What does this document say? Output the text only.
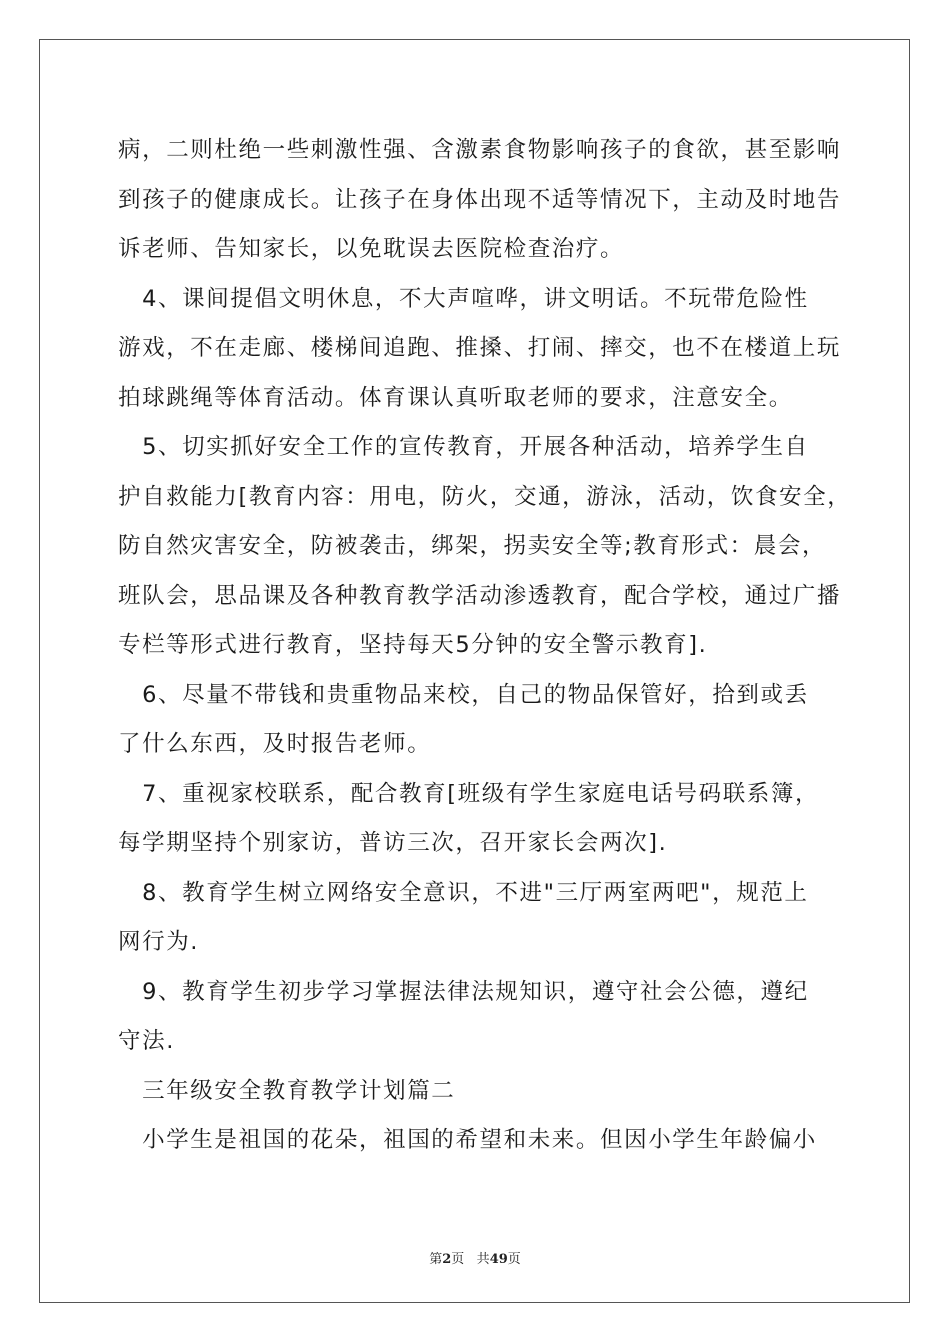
病，二则杜绝一些刺激性强、含激素食物影响孩子的食欲，甚至影响
到孩子的健康成长。让孩子在身体出现不适等情况下，主动及时地告
诉老师、告知家长，以免耽误去医院检查治疗。
　4、课间提倡文明休息，不大声喧哗，讲文明话。不玩带危险性
游戏，不在走廊、楼梯间追跑、推搡、打闹、摔交，也不在楼道上玩
拍球跳绳等体育活动。体育课认真听取老师的要求，注意安全。
　5、切实抓好安全工作的宣传教育，开展各种活动，培养学生自
护自救能力[教育内容：用电，防火，交通，游泳，活动，饮食安全，
防自然灾害安全，防被袭击，绑架，拐卖安全等;教育形式：晨会，
班队会，思品课及各种教育教学活动渗透教育，配合学校，通过广播
专栏等形式进行教育，坚持每天5分钟的安全警示教育].
　6、尽量不带钱和贵重物品来校，自己的物品保管好，拾到或丢
了什么东西，及时报告老师。
　7、重视家校联系，配合教育[班级有学生家庭电话号码联系簿，
每学期坚持个别家访，普访三次，召开家长会两次].
　8、教育学生树立网络安全意识，不进"三厅两室两吧"，规范上
网行为.
　9、教育学生初步学习掌握法律法规知识，遵守社会公德，遵纪
守法.
　三年级安全教育教学计划篇二
　小学生是祖国的花朵，祖国的希望和未来。但因小学生年龄偏小
第2页 共49页
